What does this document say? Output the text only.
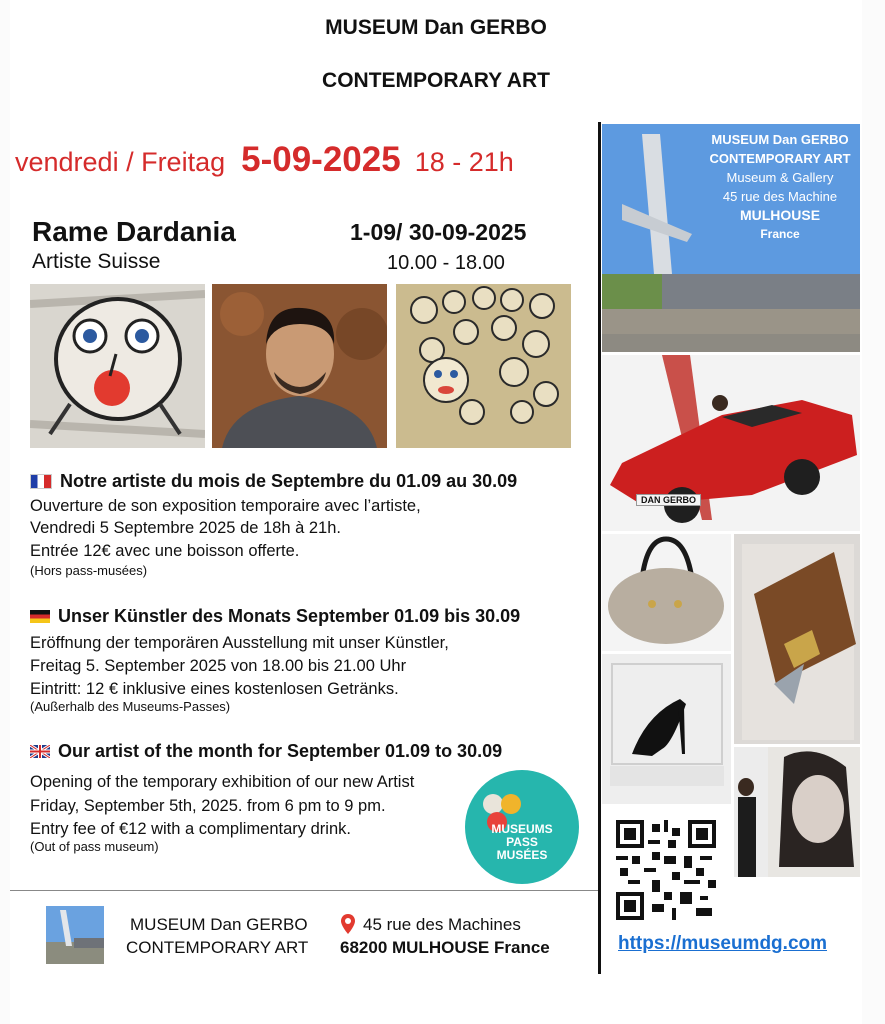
MUSEUM Dan GERBO
CONTEMPORARY ART
vendredi / Freitag 5-09-2025 18 - 21h
Rame Dardania
Artiste Suisse
1-09/ 30-09-2025
10.00 - 18.00
Notre artiste du mois de Septembre du 01.09 au 30.09
Ouverture de son exposition temporaire avec l’artiste,
Vendredi 5 Septembre 2025 de 18h à 21h.
Entrée 12€ avec une boisson offerte.
(Hors pass-musées)
Unser Künstler des Monats September 01.09 bis 30.09
Eröffnung der temporären Ausstellung mit unser Künstler,
Freitag 5. September 2025 von 18.00 bis 21.00 Uhr
Eintritt: 12 € inklusive eines kostenlosen Getränks.
(Außerhalb des Museums-Passes)
Our artist of the month for September 01.09 to 30.09
Opening of the temporary exhibition of our new Artist
Friday, September 5th, 2025. from 6 pm to 9 pm.
Entry fee of €12 with a complimentary drink.
(Out of pass museum)
MUSEUMS
PASS
MUSÉES
MUSEUM Dan GERBO
CONTEMPORARY ART
Museum & Gallery
45 rue des Machine
MULHOUSE
France
DAN GERBO
MUSEUM Dan GERBO
CONTEMPORARY ART
45 rue des Machines
68200 MULHOUSE France	https://museumdg.com
